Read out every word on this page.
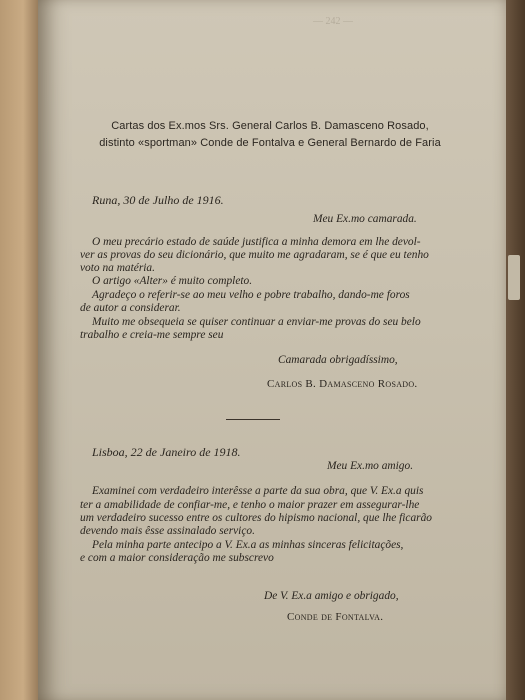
— 242 —
Cartas dos Ex.mos Srs. General Carlos B. Damasceno Rosado,
distinto «sportman» Conde de Fontalva e General Bernardo de Faria
Runa, 30 de Julho de 1916.
Meu Ex.mo camarada.
O meu precário estado de saúde justifica a minha demora em lhe devol-
ver as provas do seu dicionário, que muito me agradaram, se é que eu tenho
voto na matéria.
O artigo «Alter» é muito completo.
Agradeço o referir-se ao meu velho e pobre trabalho, dando-me foros
de autor a considerar.
Muito me obsequeia se quiser continuar a enviar-me provas do seu belo
trabalho e creia-me sempre seu
Camarada obrigadíssimo,
Carlos B. Damasceno Rosado.
Lisboa, 22 de Janeiro de 1918.
Meu Ex.mo amigo.
Examinei com verdadeiro interêsse a parte da sua obra, que V. Ex.a quis
ter a amabilidade de confiar-me, e tenho o maior prazer em assegurar-lhe
um verdadeiro sucesso entre os cultores do hipismo nacional, que lhe ficarão
devendo mais êsse assinalado serviço.
Pela minha parte antecipo a V. Ex.a as minhas sinceras felicitações,
e com a maior consideração me subscrevo
De V. Ex.a amigo e obrigado,
Conde de Fontalva.
